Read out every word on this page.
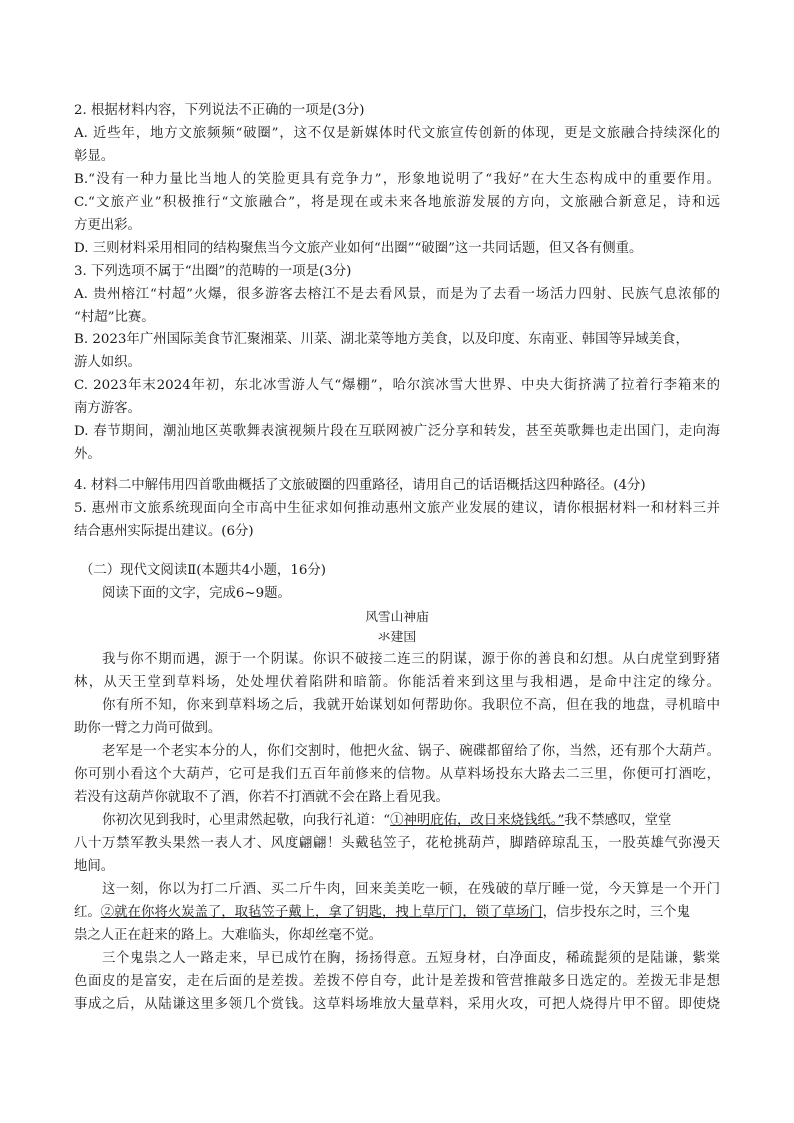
2. 根据材料内容，下列说法不正确的一项是(3分)
A. 近些年，地方文旅频频“破圈”，这不仅是新媒体时代文旅宣传创新的体现，更是文旅融合持续深化的
彰显。
B.“没有一种力量比当地人的笑脸更具有竞争力”，形象地说明了“我好”在大生态构成中的重要作用。
C.“文旅产业”积极推行“文旅融合”，将是现在或未来各地旅游发展的方向，文旅融合新意足，诗和远
方更出彩。
D. 三则材料采用相同的结构聚焦当今文旅产业如何“出圈”“破圈”这一共同话题，但又各有侧重。
3. 下列选项不属于“出圈”的范畴的一项是(3分)
A. 贵州榕江“村超”火爆，很多游客去榕江不是去看风景，而是为了去看一场活力四射、民族气息浓郁的
“村超”比赛。
B. 2023年广州国际美食节汇聚湘菜、川菜、湖北菜等地方美食，以及印度、东南亚、韩国等异域美食，
游人如织。
C. 2023年末2024年初，东北冰雪游人气“爆棚”，哈尔滨冰雪大世界、中央大街挤满了拉着行李箱来的
南方游客。
D. 春节期间，潮汕地区英歌舞表演视频片段在互联网被广泛分享和转发，甚至英歌舞也走出国门，走向海
外。
4. 材料二中解伟用四首歌曲概括了文旅破圈的四重路径，请用自己的话语概括这四种路径。(4分)
5. 惠州市文旅系统现面向全市高中生征求如何推动惠州文旅产业发展的建议，请你根据材料一和材料三并
结合惠州实际提出建议。(6分)
（二）现代文阅读Ⅱ(本题共4小题，16分)
阅读下面的文字，完成6~9题。
风雪山神庙
氺建国
我与你不期而遇，源于一个阴谋。你识不破接二连三的阴谋，源于你的善良和幻想。从白虎堂到野猪
林，从天王堂到草料场，处处埋伏着陷阱和暗箭。你能活着来到这里与我相遇，是命中注定的缘分。
你有所不知，你来到草料场之后，我就开始谋划如何帮助你。我职位不高，但在我的地盘，寻机暗中
助你一臂之力尚可做到。
老军是一个老实本分的人，你们交割时，他把火盆、锅子、碗碟都留给了你，当然，还有那个大葫芦。
你可别小看这个大葫芦，它可是我们五百年前修来的信物。从草料场投东大路去二三里，你便可打酒吃，
若没有这葫芦你就取不了酒，你若不打酒就不会在路上看见我。
你初次见到我时，心里肃然起敬，向我行礼道：“①神明庇佑，改日来烧钱纸。”我不禁感叹，堂堂
八十万禁军教头果然一表人才、风度翩翩！头戴毡笠子，花枪挑葫芦，脚踏碎琼乱玉，一股英雄气弥漫天
地间。
这一刻，你以为打二斤酒、买二斤牛肉，回来美美吃一顿，在残破的草厅睡一觉，今天算是一个开门
红。②就在你将火炭盖了，取毡笠子戴上，拿了钥匙，拽上草厅门，锁了草场门，信步投东之时，三个鬼
祟之人正在赶来的路上。大难临头，你却丝毫不觉。
三个鬼祟之人一路走来，早已成竹在胸，扬扬得意。五短身材，白净面皮，稀疏髭须的是陆谦，紫棠
色面皮的是富安，走在后面的是差拨。差拨不停自夸，此计是差拨和管营推敲多日选定的。差拨无非是想
事成之后，从陆谦这里多领几个赏钱。这草料场堆放大量草料，采用火攻，可把人烧得片甲不留。即使烧
